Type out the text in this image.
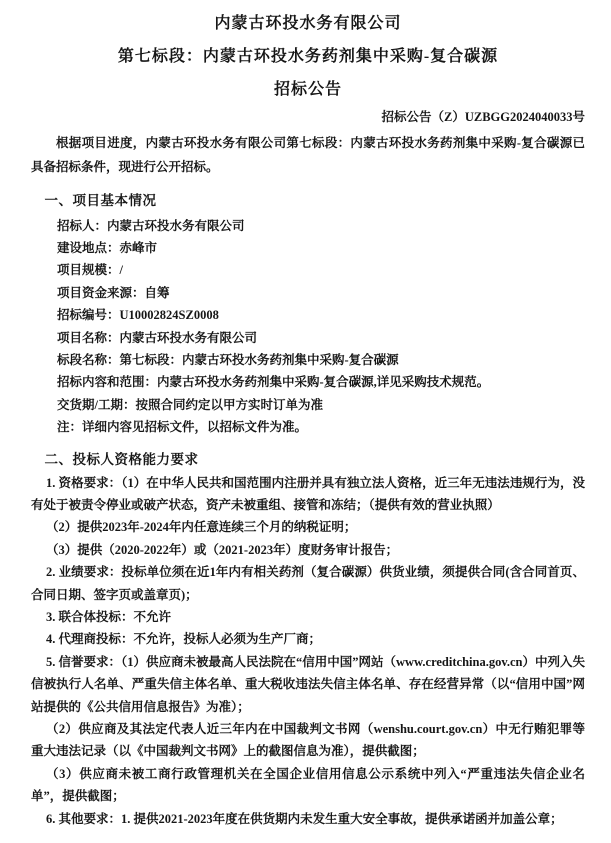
内蒙古环投水务有限公司
第七标段：内蒙古环投水务药剂集中采购-复合碳源
招标公告
招标公告（Z）UZBGG2024040033号

根据项目进度，内蒙古环投水务有限公司第七标段：内蒙古环投水务药剂集中采购-复合碳源已具备招标条件，现进行公开招标。

一、项目基本情况

招标人：内蒙古环投水务有限公司

建设地点：赤峰市

项目规模：/

项目资金来源：自筹

招标编号：U10002824SZ0008

项目名称：内蒙古环投水务有限公司

标段名称：第七标段：内蒙古环投水务药剂集中采购-复合碳源

招标内容和范围：内蒙古环投水务药剂集中采购-复合碳源,详见采购技术规范。

交货期/工期：按照合同约定以甲方实时订单为准

注：详细内容见招标文件，以招标文件为准。

二、投标人资格能力要求

1. 资格要求：（1）在中华人民共和国范围内注册并具有独立法人资格，近三年无违法违规行为，没有处于被责令停业或破产状态，资产未被重组、接管和冻结；（提供有效的营业执照）

（2）提供2023年-2024年内任意连续三个月的纳税证明；

（3）提供（2020-2022年）或（2021-2023年）度财务审计报告；

2. 业绩要求：投标单位须在近1年内有相关药剂（复合碳源）供货业绩，须提供合同(含合同首页、合同日期、签字页或盖章页)；

3. 联合体投标：不允许

4. 代理商投标：不允许，投标人必须为生产厂商；

5. 信誉要求：（1）供应商未被最高人民法院在“信用中国”网站（www.creditchina.gov.cn）中列入失信被执行人名单、严重失信主体名单、重大税收违法失信主体名单、存在经营异常（以“信用中国”网站提供的《公共信用信息报告》为准）；

（2）供应商及其法定代表人近三年内在中国裁判文书网（wenshu.court.gov.cn）中无行贿犯罪等重大违法记录（以《中国裁判文书网》上的截图信息为准），提供截图；

（3）供应商未被工商行政管理机关在全国企业信用信息公示系统中列入“严重违法失信企业名单”，提供截图；

6. 其他要求：1. 提供2021-2023年度在供货期内未发生重大安全事故，提供承诺函并加盖公章；
